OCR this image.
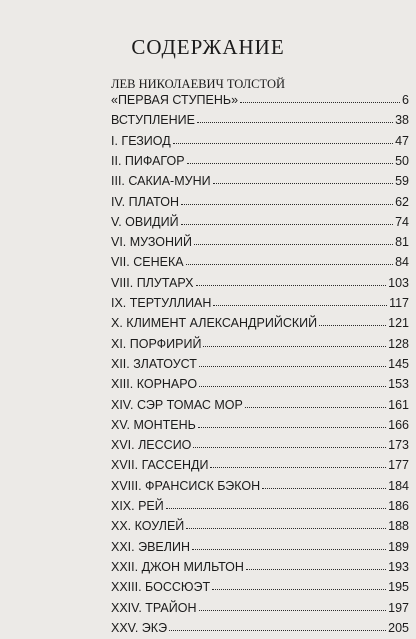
СОДЕРЖАНИЕ
ЛЕВ НИКОЛАЕВИЧ ТОЛСТОЙ
«ПЕРВАЯ СТУПЕНЬ»	6
ВСТУПЛЕНИЕ	38
I. ГЕЗИОД	47
II. ПИФАГОР	50
III. САКИА-МУНИ	59
IV. ПЛАТОН	62
V. ОВИДИЙ	74
VI. МУЗОНИЙ	81
VII. СЕНЕКА	84
VIII. ПЛУТАРХ	103
IX. ТЕРТУЛЛИАН	117
X. КЛИМЕНТ АЛЕКСАНДРИЙСКИЙ	121
XI. ПОРФИРИЙ	128
XII. ЗЛАТОУСТ	145
XIII. КОРНАРО	153
XIV. СЭР ТОМАС МОР	161
XV. МОНТЕНЬ	166
XVI. ЛЕССИО	173
XVII. ГАССЕНДИ	177
XVIII. ФРАНСИСК БЭКОН	184
XIX. РЕЙ	186
XX. КОУЛЕЙ	188
XXI. ЭВЕЛИН	189
XXII. ДЖОН МИЛЬТОН	193
XXIII. БОССЮЭТ	195
XXIV. ТРАЙОН	197
XXV. ЭКЭ	205
